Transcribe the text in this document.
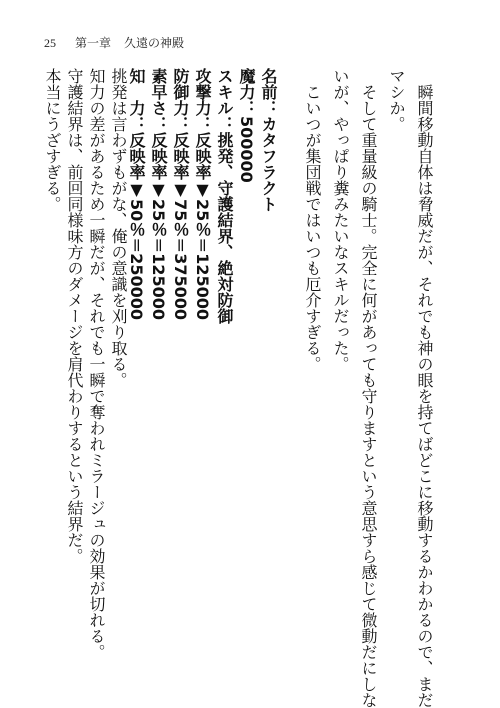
25 第一章 久遠の神殿
瞬間移動自体は脅威だが、それでも神の眼を持てばどこに移動するかわかるので、まだ
マシか。
そして重量級の騎士。完全に何があっても守りますという意思すら感じて微動だにしな
いが、やっぱり糞みたいなスキルだった。
こいつが集団戦ではいつも厄介すぎる。
名前：カタフラクト
魔力：500000
スキル：挑発、守護結界、絶対防御
攻撃力：反映率▼25％＝125000
防御力：反映率▼75％＝375000
素早さ：反映率▼25％＝125000
知　力：反映率▼50％＝250000
挑発は言わずもがな、俺の意識を刈り取る。
知力の差があるため一瞬だが、それでも一瞬で奪われミラージュの効果が切れる。
守護結界は、前回同様味方のダメージを肩代わりするという結界だ。
本当にうざすぎる。
